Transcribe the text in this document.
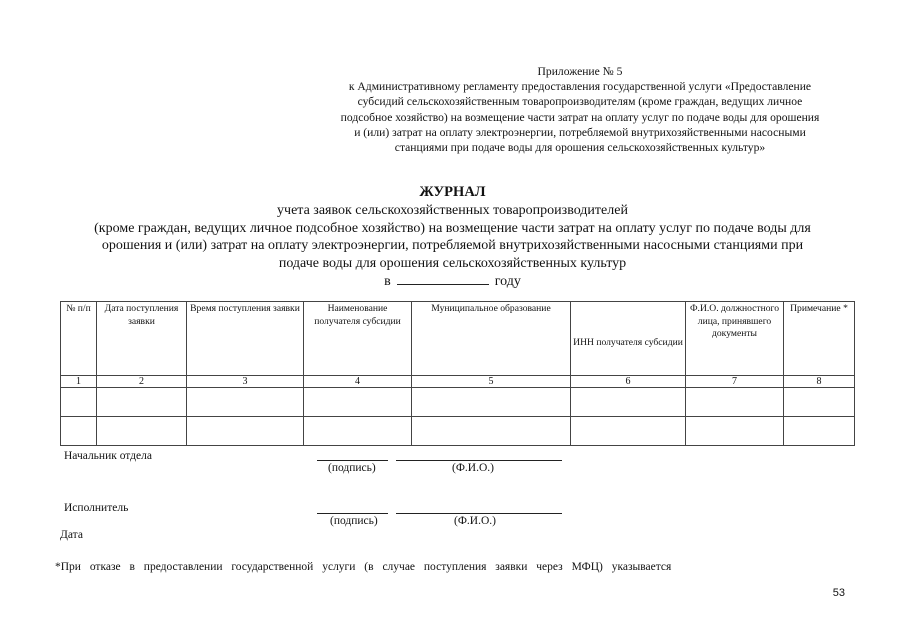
Приложение № 5
к Административному регламенту предоставления государственной услуги «Предоставление
субсидий сельскохозяйственным товаропроизводителям (кроме граждан, ведущих личное
подсобное хозяйство) на возмещение части затрат на оплату услуг по подаче воды для орошения
и (или) затрат на оплату электроэнергии, потребляемой внутрихозяйственными насосными
станциями при подаче воды для орошения сельскохозяйственных культур»
ЖУРНАЛ
учета заявок сельскохозяйственных товаропроизводителей
(кроме граждан, ведущих личное подсобное хозяйство) на возмещение части затрат на оплату услуг по подаче воды для
орошения и (или) затрат на оплату электроэнергии, потребляемой внутрихозяйственными насосными станциями при
подаче воды для орошения сельскохозяйственных культур
в	году
№ п/п	Дата поступления заявки	Время поступления заявки	Наименование получателя субсидии	Муниципальное образование	ИНН получателя субсидии	Ф.И.О. должностного лица, принявшего документы	Примечание *
1	2	3	4	5	6	7	8

Начальник отдела
(подпись)	(Ф.И.О.)
Исполнитель
(подпись)	(Ф.И.О.)
Дата
*При отказе в предоставлении государственной услуги (в случае поступления заявки через МФЦ) указывается
53
